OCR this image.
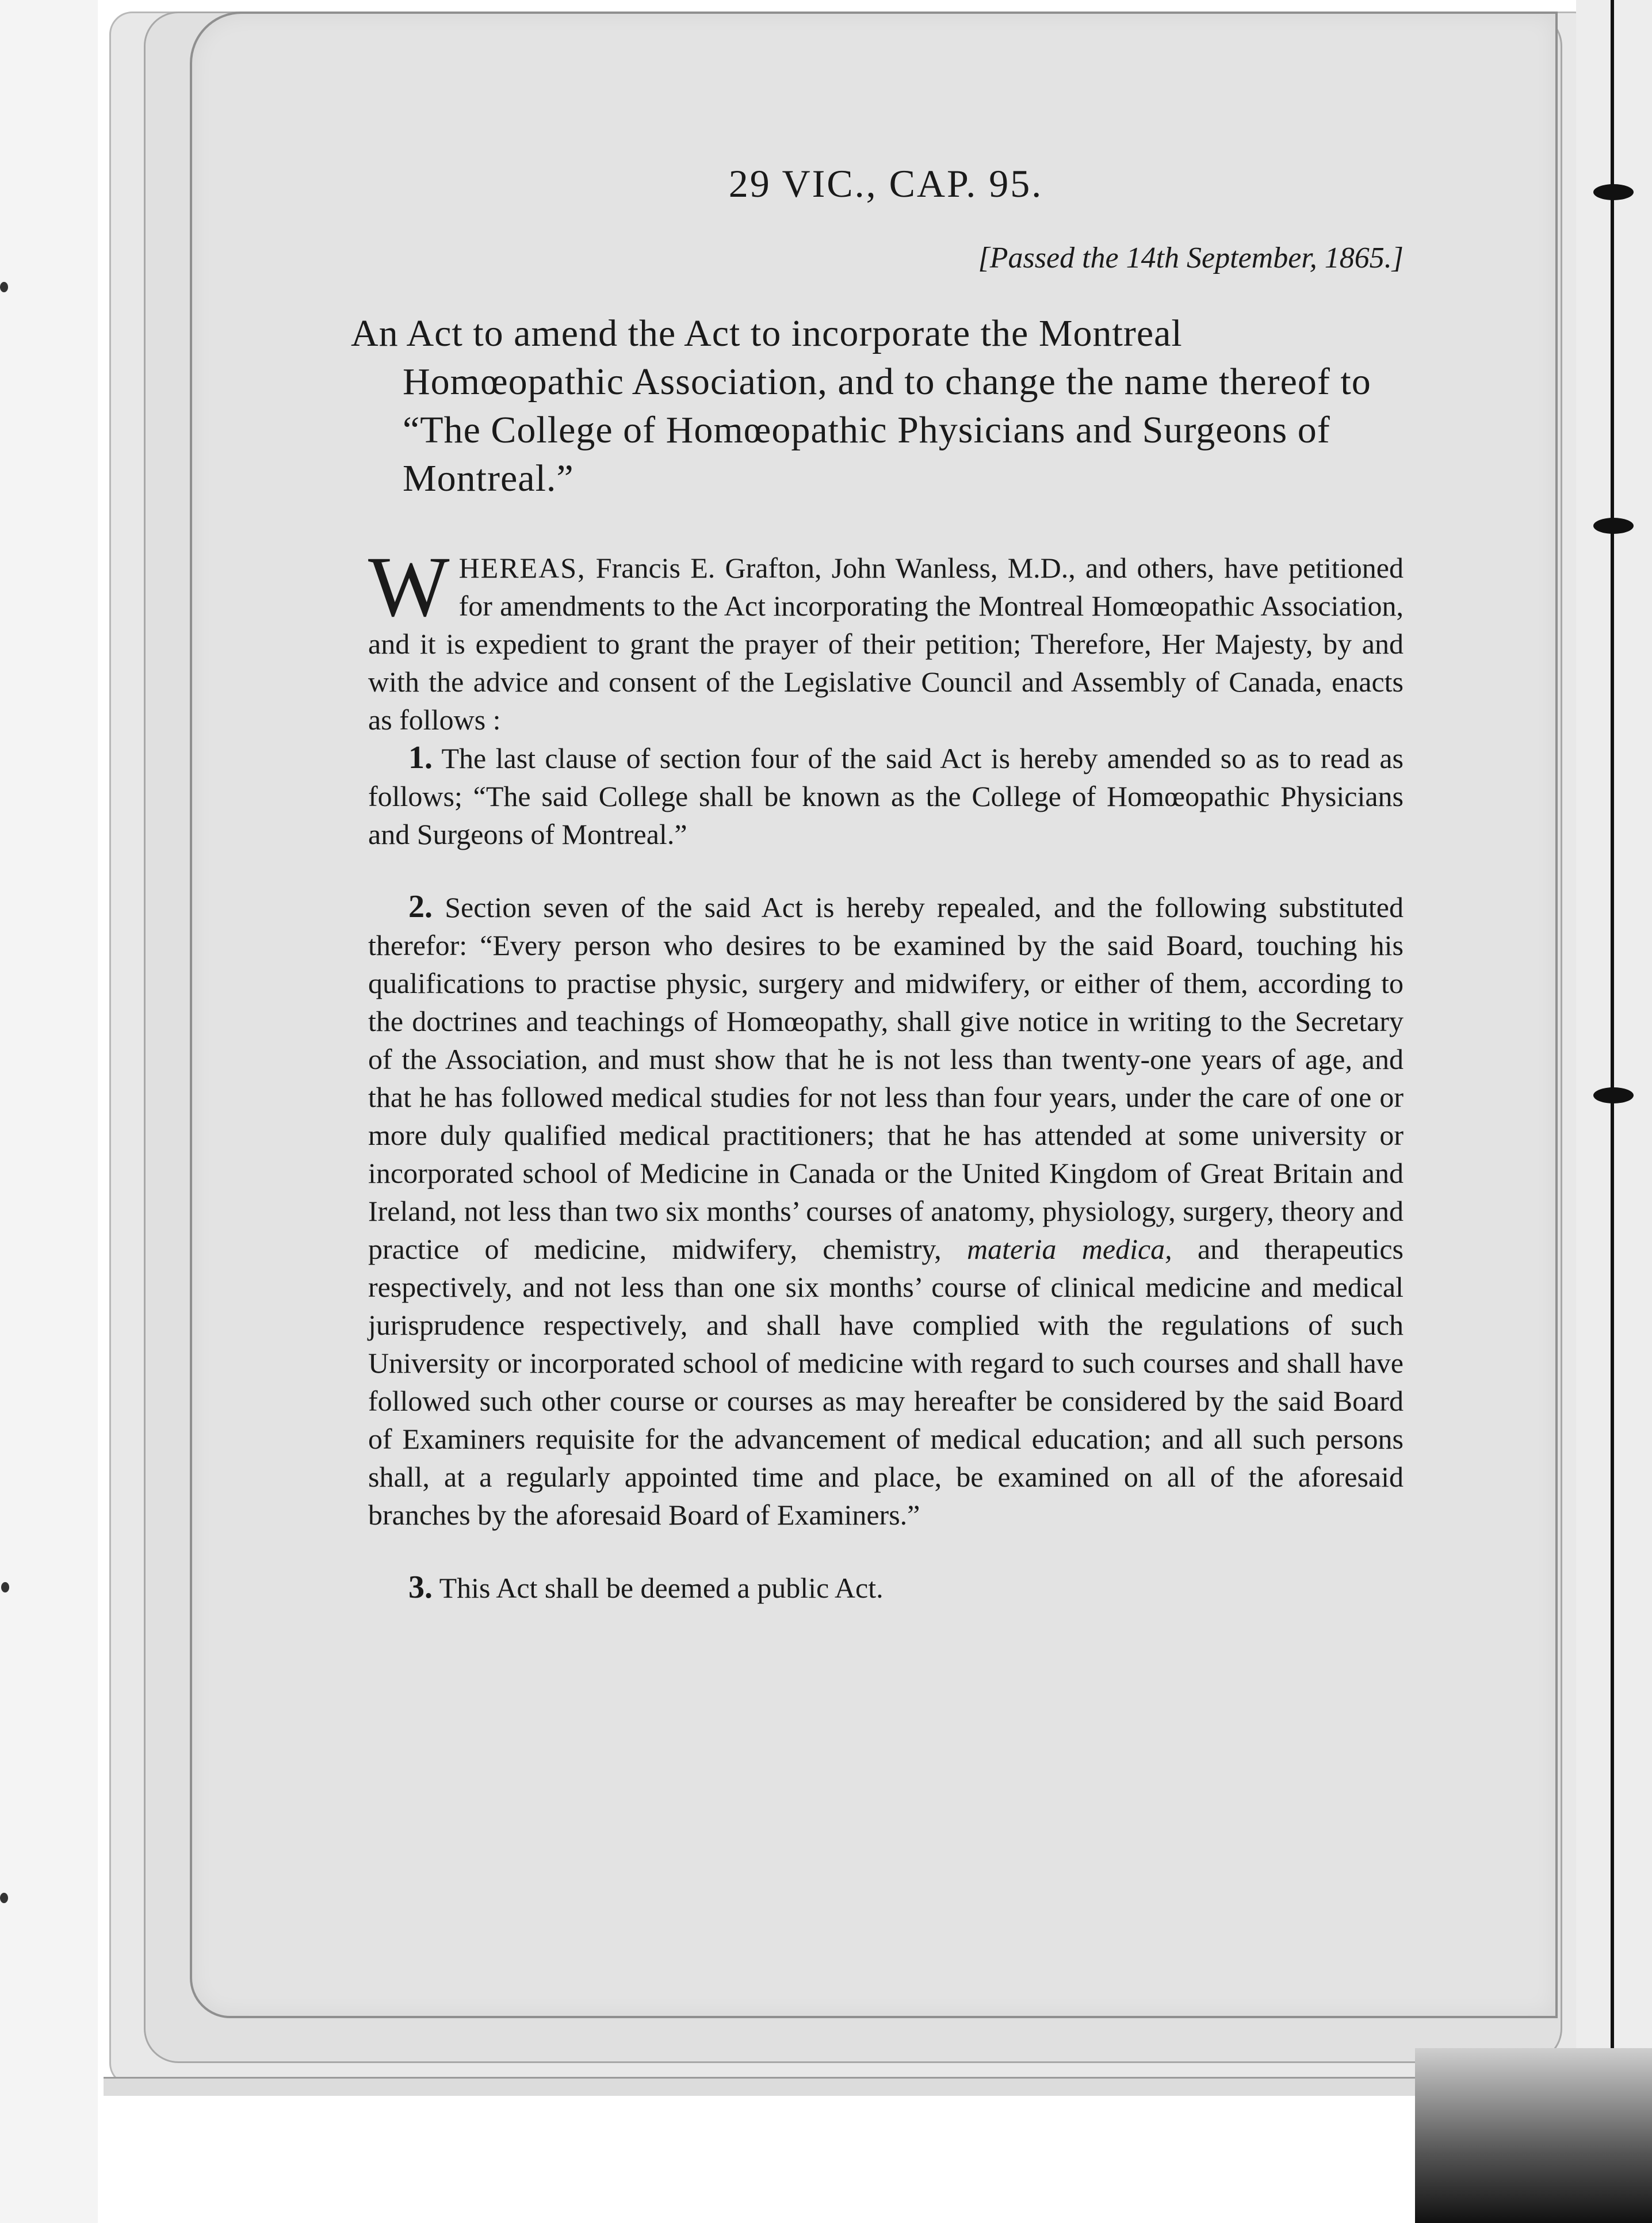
29 VIC., CAP. 95.

[Passed the 14th September, 1865.]

An Act to amend the Act to incorporate the Montreal Homœopathic Association, and to change the name thereof to “The College of Homœopathic Physicians and Surgeons of Montreal.”

WHEREAS, Francis E. Grafton, John Wanless, M.D., and others, have petitioned for amendments to the Act incorporating the Montreal Homœopathic Association, and it is expedient to grant the prayer of their petition; Therefore, Her Majesty, by and with the advice and consent of the Legislative Council and Assembly of Canada, enacts as follows :

1. The last clause of section four of the said Act is hereby amended so as to read as follows; “The said College shall be known as the College of Homœopathic Physicians and Surgeons of Montreal.”

2. Section seven of the said Act is hereby repealed, and the following substituted therefor: “Every person who desires to be examined by the said Board, touching his qualifications to practise physic, surgery and midwifery, or either of them, according to the doctrines and teachings of Homœopathy, shall give notice in writing to the Secretary of the Association, and must show that he is not less than twenty-one years of age, and that he has followed medical studies for not less than four years, under the care of one or more duly qualified medical practitioners; that he has attended at some university or incorporated school of Medicine in Canada or the United Kingdom of Great Britain and Ireland, not less than two six months’ courses of anatomy, physiology, surgery, theory and practice of medicine, midwifery, chemistry, materia medica, and therapeutics respectively, and not less than one six months’ course of clinical medicine and medical jurisprudence respectively, and shall have complied with the regulations of such University or incorporated school of medicine with regard to such courses and shall have followed such other course or courses as may hereafter be considered by the said Board of Examiners requisite for the advancement of medical education; and all such persons shall, at a regularly appointed time and place, be examined on all of the aforesaid branches by the aforesaid Board of Examiners.”

3. This Act shall be deemed a public Act.
